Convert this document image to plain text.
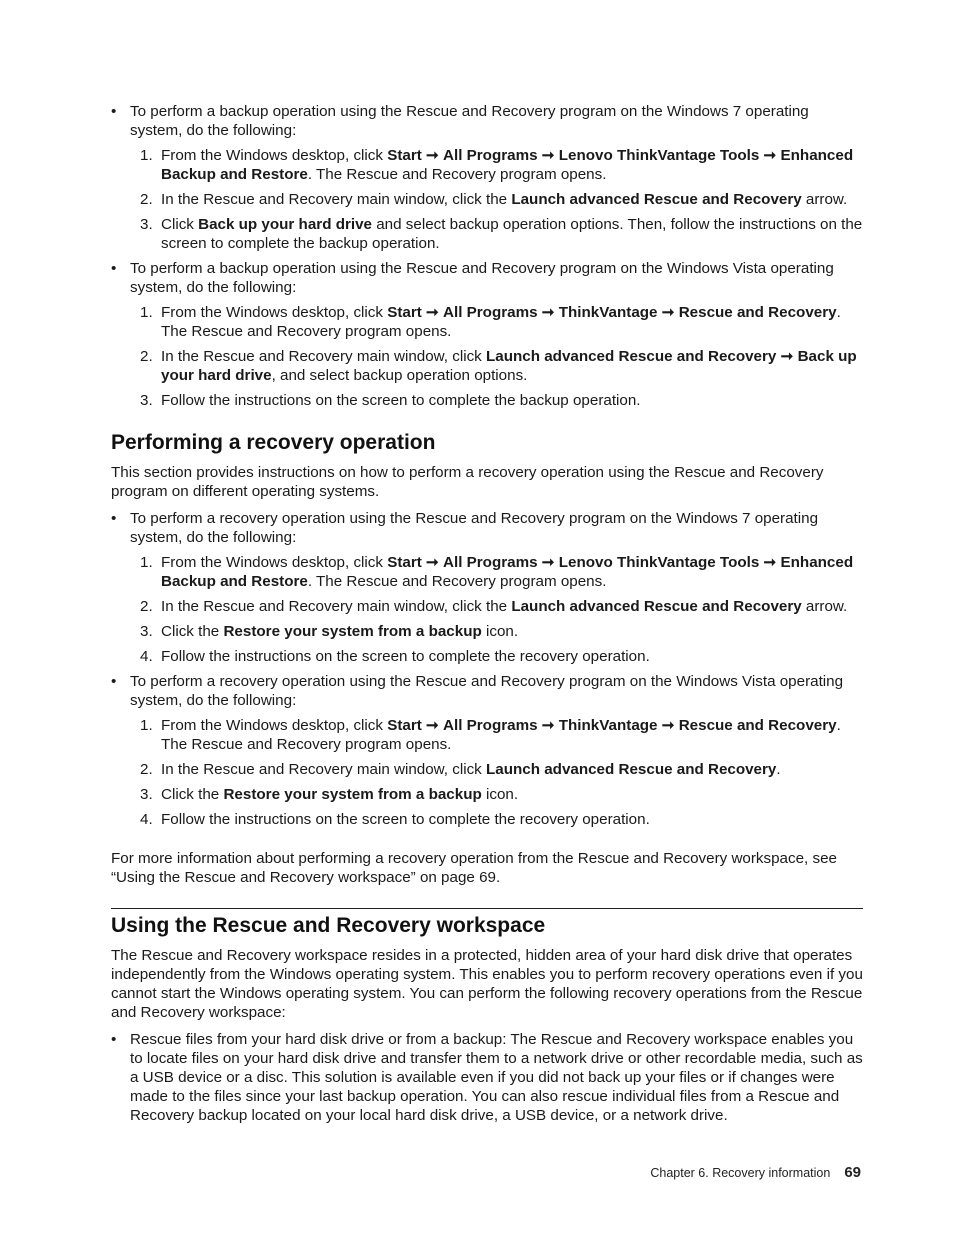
• To perform a backup operation using the Rescue and Recovery program on the Windows 7 operating system, do the following:
1. From the Windows desktop, click Start ➞ All Programs ➞ Lenovo ThinkVantage Tools ➞ Enhanced Backup and Restore. The Rescue and Recovery program opens.
2. In the Rescue and Recovery main window, click the Launch advanced Rescue and Recovery arrow.
3. Click Back up your hard drive and select backup operation options. Then, follow the instructions on the screen to complete the backup operation.
• To perform a backup operation using the Rescue and Recovery program on the Windows Vista operating system, do the following:
1. From the Windows desktop, click Start ➞ All Programs ➞ ThinkVantage ➞ Rescue and Recovery. The Rescue and Recovery program opens.
2. In the Rescue and Recovery main window, click Launch advanced Rescue and Recovery ➞ Back up your hard drive, and select backup operation options.
3. Follow the instructions on the screen to complete the backup operation.
Performing a recovery operation

This section provides instructions on how to perform a recovery operation using the Rescue and Recovery program on different operating systems.

• To perform a recovery operation using the Rescue and Recovery program on the Windows 7 operating system, do the following:
1. From the Windows desktop, click Start ➞ All Programs ➞ Lenovo ThinkVantage Tools ➞ Enhanced Backup and Restore. The Rescue and Recovery program opens.
2. In the Rescue and Recovery main window, click the Launch advanced Rescue and Recovery arrow.
3. Click the Restore your system from a backup icon.
4. Follow the instructions on the screen to complete the recovery operation.
• To perform a recovery operation using the Rescue and Recovery program on the Windows Vista operating system, do the following:
1. From the Windows desktop, click Start ➞ All Programs ➞ ThinkVantage ➞ Rescue and Recovery. The Rescue and Recovery program opens.
2. In the Rescue and Recovery main window, click Launch advanced Rescue and Recovery.
3. Click the Restore your system from a backup icon.
4. Follow the instructions on the screen to complete the recovery operation.

For more information about performing a recovery operation from the Rescue and Recovery workspace, see “Using the Rescue and Recovery workspace” on page 69.

Using the Rescue and Recovery workspace

The Rescue and Recovery workspace resides in a protected, hidden area of your hard disk drive that operates independently from the Windows operating system. This enables you to perform recovery operations even if you cannot start the Windows operating system. You can perform the following recovery operations from the Rescue and Recovery workspace:

• Rescue files from your hard disk drive or from a backup: The Rescue and Recovery workspace enables you to locate files on your hard disk drive and transfer them to a network drive or other recordable media, such as a USB device or a disc. This solution is available even if you did not back up your files or if changes were made to the files since your last backup operation. You can also rescue individual files from a Rescue and Recovery backup located on your local hard disk drive, a USB device, or a network drive.
Chapter 6. Recovery information 69
